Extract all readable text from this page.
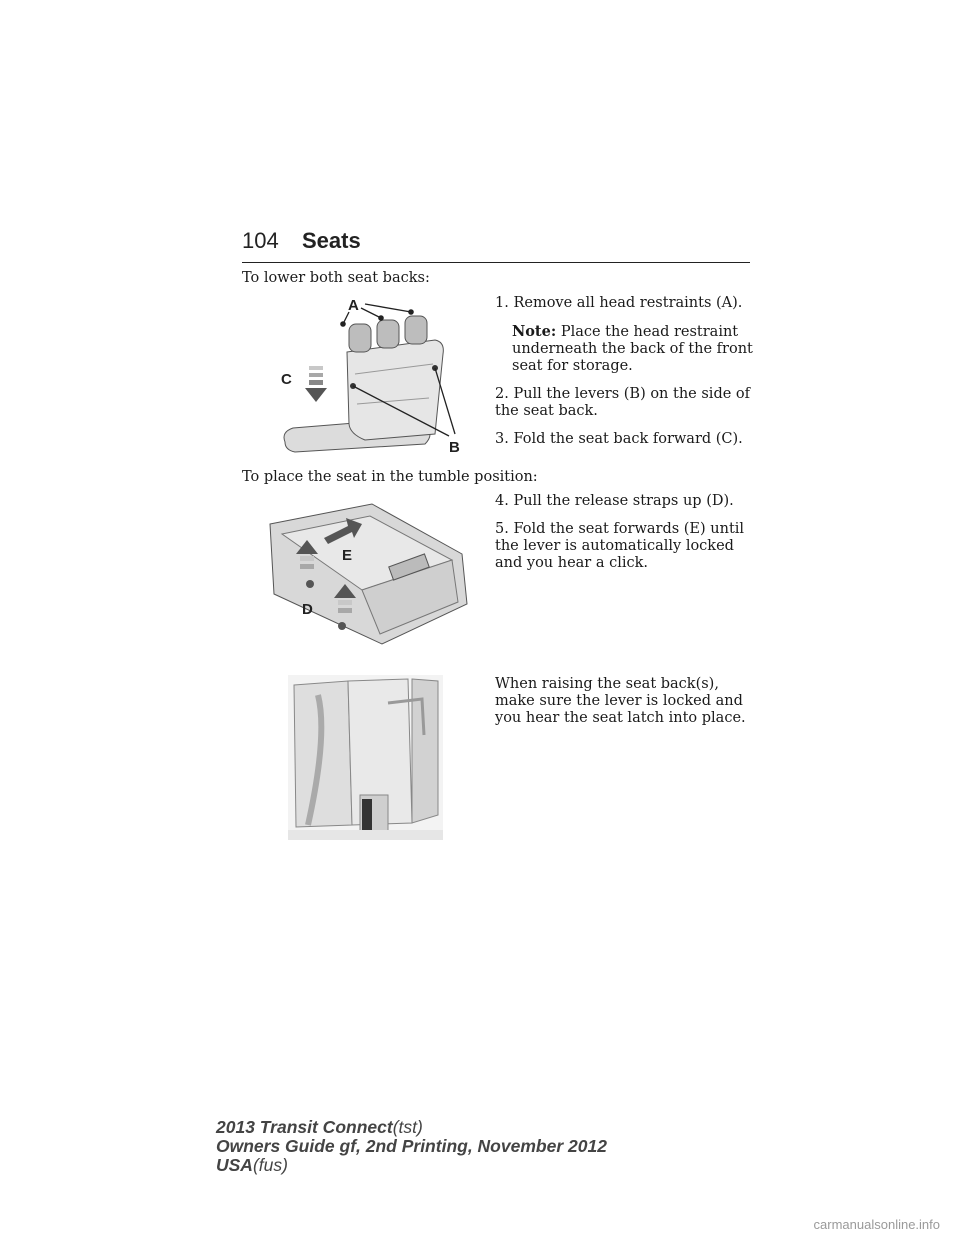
104 Seats
To lower both seat backs:
A
B
C

1. Remove all head restraints (A).

Note: Place the head restraint underneath the back of the front seat for storage.

2. Pull the levers (B) on the side of the seat back.

3. Fold the seat back forward (C).

To place the seat in the tumble position:
D
E

4. Pull the release straps up (D).

5. Fold the seat forwards (E) until the lever is automatically locked and you hear a click.

When raising the seat back(s), make sure the lever is locked and you hear the seat latch into place.

2013 Transit Connect(tst)
Owners Guide gf, 2nd Printing, November 2012
USA(fus)
carmanualsonline.info
